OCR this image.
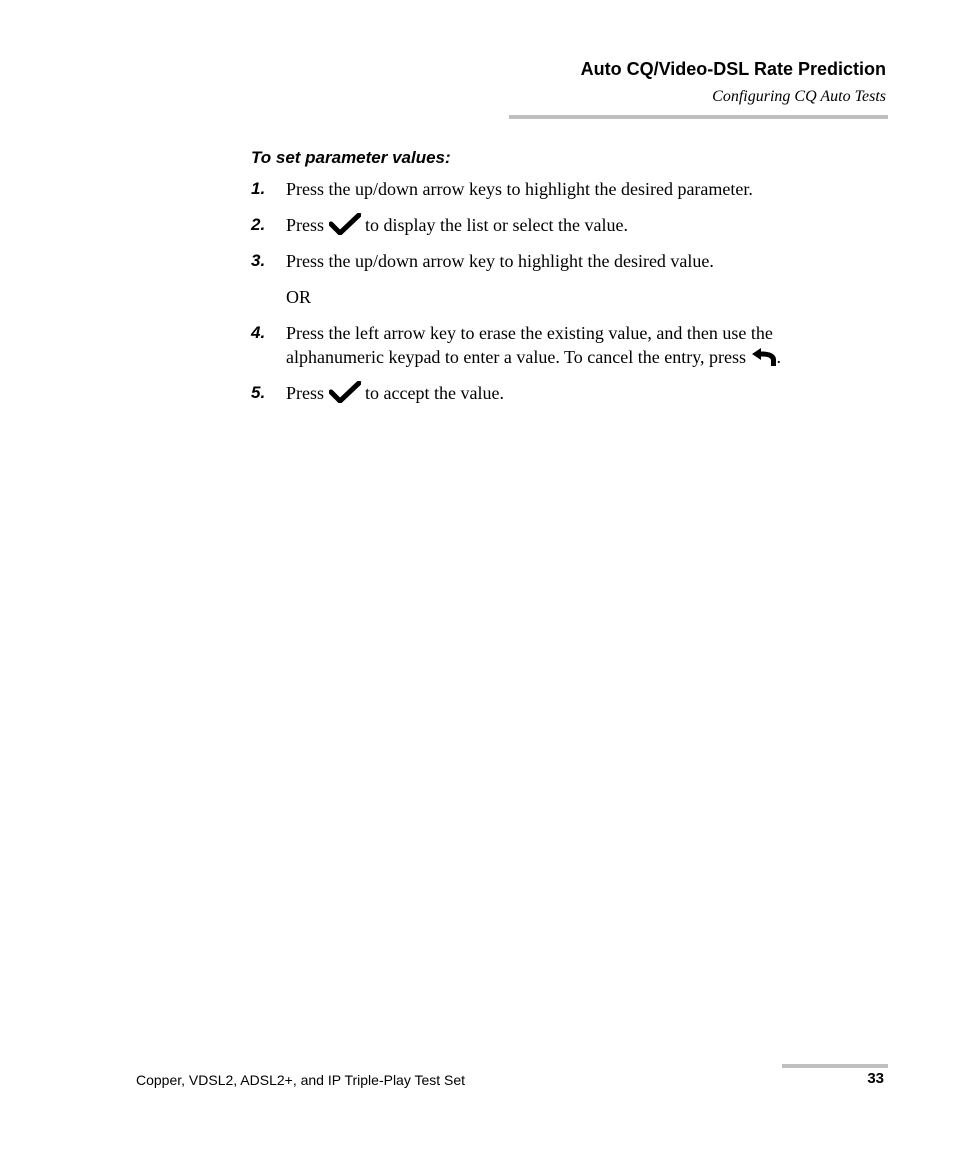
Auto CQ/Video-DSL Rate Prediction
Configuring CQ Auto Tests
To set parameter values:
1. Press the up/down arrow keys to highlight the desired parameter.
2. Press to display the list or select the value.
3. Press the up/down arrow key to highlight the desired value.
OR
4. Press the left arrow key to erase the existing value, and then use the
alphanumeric keypad to enter a value. To cancel the entry, press .
5. Press to accept the value.
Copper, VDSL2, ADSL2+, and IP Triple-Play Test Set	33
